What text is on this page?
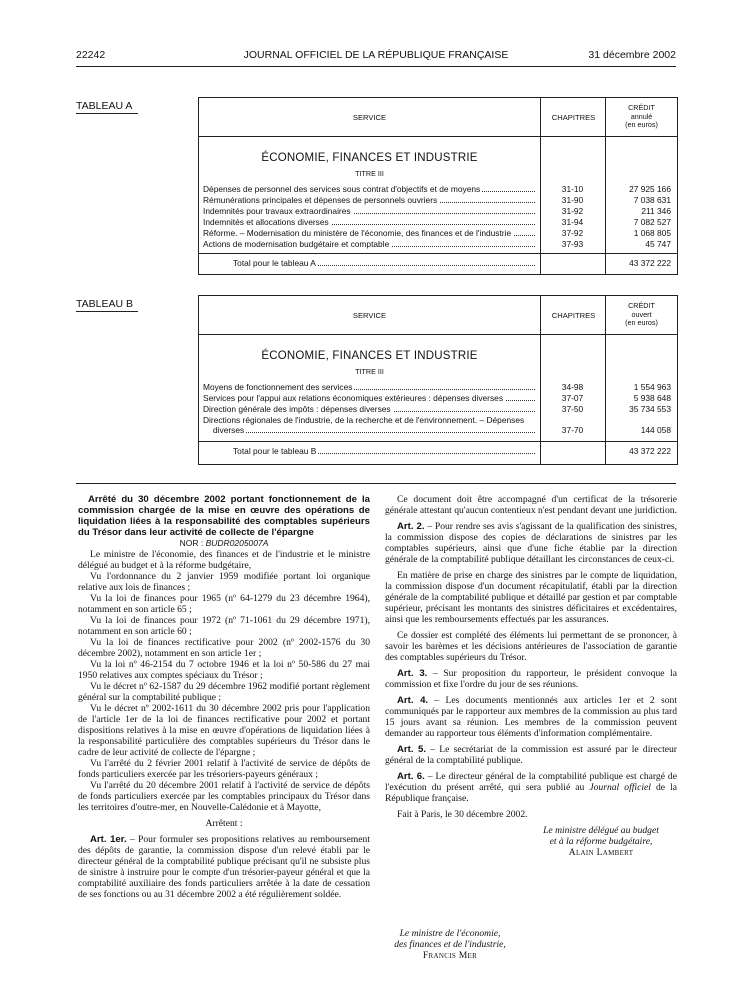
22242	JOURNAL OFFICIEL DE LA RÉPUBLIQUE FRANÇAISE	31 décembre 2002
TABLEAU A
SERVICE	CHAPITRES
CRÉDIT
annulé
(en euros)
ÉCONOMIE, FINANCES ET INDUSTRIE
TITRE III
Dépenses de personnel des services sous contrat d'objectifs et de moyens	31-10	27 925 166
Rémunérations principales et dépenses de personnels ouvriers	31-90	7 038 631
Indemnités pour travaux extraordinaires	31-92	211 346
Indemnités et allocations diverses	31-94	7 082 527
Réforme. – Modernisation du ministère de l'économie, des finances et de l'industrie	37-92	1 068 805
Actions de modernisation budgétaire et comptable	37-93	45 747
Total pour le tableau A	43 372 222
TABLEAU B
SERVICE	CHAPITRES
CRÉDIT
ouvert
(en euros)
ÉCONOMIE, FINANCES ET INDUSTRIE
TITRE III
Moyens de fonctionnement des services	34-98	1 554 963
Services pour l'appui aux relations économiques extérieures : dépenses diverses	37-07	5 938 648
Direction générale des impôts : dépenses diverses	37-50	35 734 553
Directions régionales de l'industrie, de la recherche et de l'environnement. – Dépenses
diverses	37-70	144 058
Total pour le tableau B	43 372 222

Arrêté du 30 décembre 2002 portant fonctionnement de la commission chargée de la mise en œuvre des opérations de liquidation liées à la responsabilité des comptables supérieurs du Trésor dans leur activité de collecte de l'épargne

NOR : BUDR0205007A

Le ministre de l'économie, des finances et de l'industrie et le ministre délégué au budget et à la réforme budgétaire,

Vu l'ordonnance du 2 janvier 1959 modifiée portant loi organique relative aux lois de finances ;

Vu la loi de finances pour 1965 (nº 64-1279 du 23 décembre 1964), notamment en son article 65 ;

Vu la loi de finances pour 1972 (nº 71-1061 du 29 décembre 1971), notamment en son article 60 ;

Vu la loi de finances rectificative pour 2002 (nº 2002-1576 du 30 décembre 2002), notamment en son article 1er ;

Vu la loi nº 46-2154 du 7 octobre 1946 et la loi nº 50-586 du 27 mai 1950 relatives aux comptes spéciaux du Trésor ;

Vu le décret nº 62-1587 du 29 décembre 1962 modifié portant règlement général sur la comptabilité publique ;

Vu le décret nº 2002-1611 du 30 décembre 2002 pris pour l'application de l'article 1er de la loi de finances rectificative pour 2002 et portant dispositions relatives à la mise en œuvre d'opérations de liquidation liées à la responsabilité particulière des comptables supérieurs du Trésor dans le cadre de leur activité de collecte de l'épargne ;

Vu l'arrêté du 2 février 2001 relatif à l'activité de service de dépôts de fonds particuliers exercée par les trésoriers-payeurs généraux ;

Vu l'arrêté du 20 décembre 2001 relatif à l'activité de service de dépôts de fonds particuliers exercée par les comptables principaux du Trésor dans les territoires d'outre-mer, en Nouvelle-Calédonie et à Mayotte,

Arrêtent :

Art. 1er. – Pour formuler ses propositions relatives au remboursement des dépôts de garantie, la commission dispose d'un relevé établi par le directeur général de la comptabilité publique précisant qu'il ne subsiste plus de sinistre à instruire pour le compte d'un trésorier-payeur général et que la comptabilité auxiliaire des fonds particuliers arrêtée à la date de cessation de ses fonctions ou au 31 décembre 2002 a été régulièrement soldée.

Ce document doit être accompagné d'un certificat de la trésorerie générale attestant qu'aucun contentieux n'est pendant devant une juridiction.

Art. 2. – Pour rendre ses avis s'agissant de la qualification des sinistres, la commission dispose des copies de déclarations de sinistres par les comptables supérieurs, ainsi que d'une fiche établie par la direction générale de la comptabilité publique détaillant les circonstances de ceux-ci.

En matière de prise en charge des sinistres par le compte de liquidation, la commission dispose d'un document récapitulatif, établi par la direction générale de la comptabilité publique et détaillé par gestion et par comptable supérieur, précisant les montants des sinistres déficitaires et excédentaires, ainsi que les remboursements effectués par les assurances.

Ce dossier est complété des éléments lui permettant de se prononcer, à savoir les barèmes et les décisions antérieures de l'association de garantie des comptables supérieurs du Trésor.

Art. 3. – Sur proposition du rapporteur, le président convoque la commission et fixe l'ordre du jour de ses réunions.

Art. 4. – Les documents mentionnés aux articles 1er et 2 sont communiqués par le rapporteur aux membres de la commission au plus tard 15 jours avant sa réunion. Les membres de la commission peuvent demander au rapporteur tous éléments d'information complémentaire.

Art. 5. – Le secrétariat de la commission est assuré par le directeur général de la comptabilité publique.

Art. 6. – Le directeur général de la comptabilité publique est chargé de l'exécution du présent arrêté, qui sera publié au Journal officiel de la République française.

Fait à Paris, le 30 décembre 2002.

Le ministre délégué au budget
et à la réforme budgétaire,
Alain Lambert
Le ministre de l'économie,
des finances et de l'industrie,
Francis Mer
